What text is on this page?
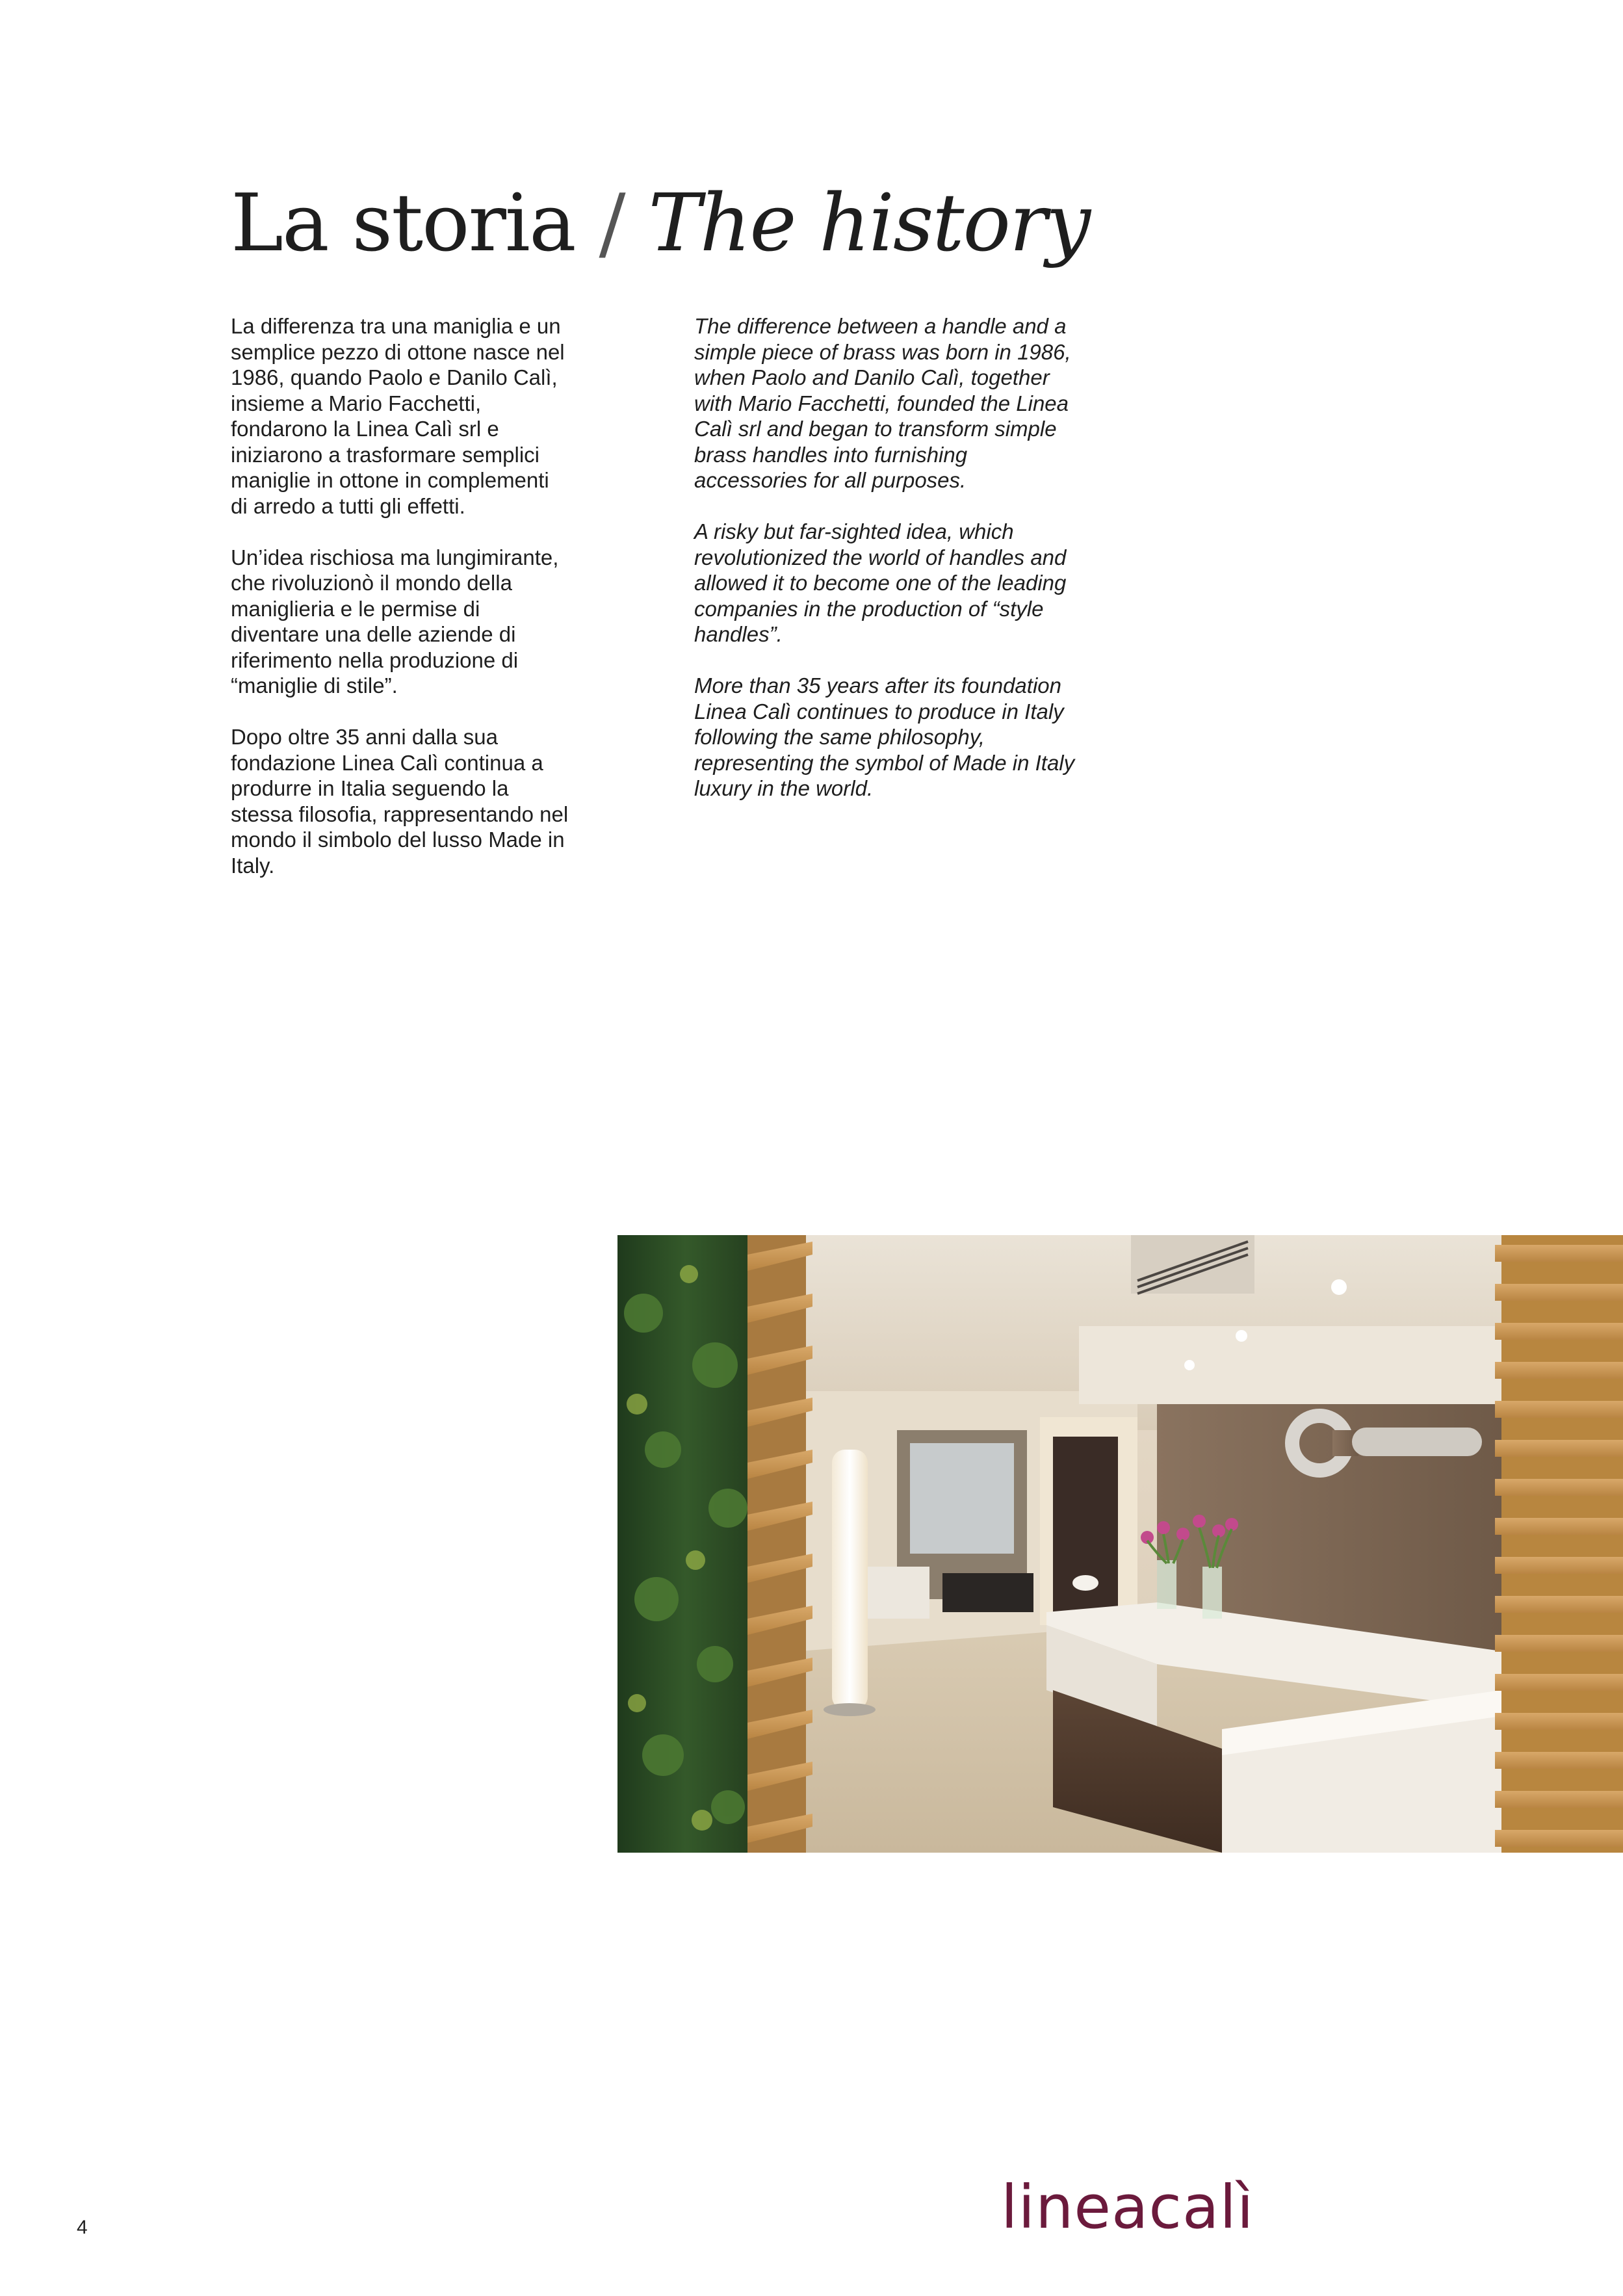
La storia / The history

La differenza tra una maniglia e un semplice pezzo di ottone nasce nel 1986, quando Paolo e Danilo Calì, insieme a Mario Facchetti, fondarono la Linea Calì srl e iniziarono a trasformare semplici maniglie in ottone in complementi di arredo a tutti gli effetti.

Un’idea rischiosa ma lungimirante, che rivoluzionò il mondo della maniglieria e le permise di diventare una delle aziende di riferimento nella produzione di “maniglie di stile”.

Dopo oltre 35 anni dalla sua fondazione Linea Calì continua a produrre in Italia seguendo la stessa filosofia, rappresentando nel mondo il simbolo del lusso Made in Italy.

The difference between a handle and a simple piece of brass was born in 1986, when Paolo and Danilo Calì, together with Mario Facchetti, founded the Linea Calì srl and began to transform simple brass handles into furnishing accessories for all purposes.

A risky but far-sighted idea, which revolutionized the world of handles and allowed it to become one of the leading companies in the production of “style handles”.

More than 35 years after its foundation Linea Calì continues to produce in Italy following the same philosophy, representing the symbol of Made in Italy luxury in the world.

4	lineacalì
